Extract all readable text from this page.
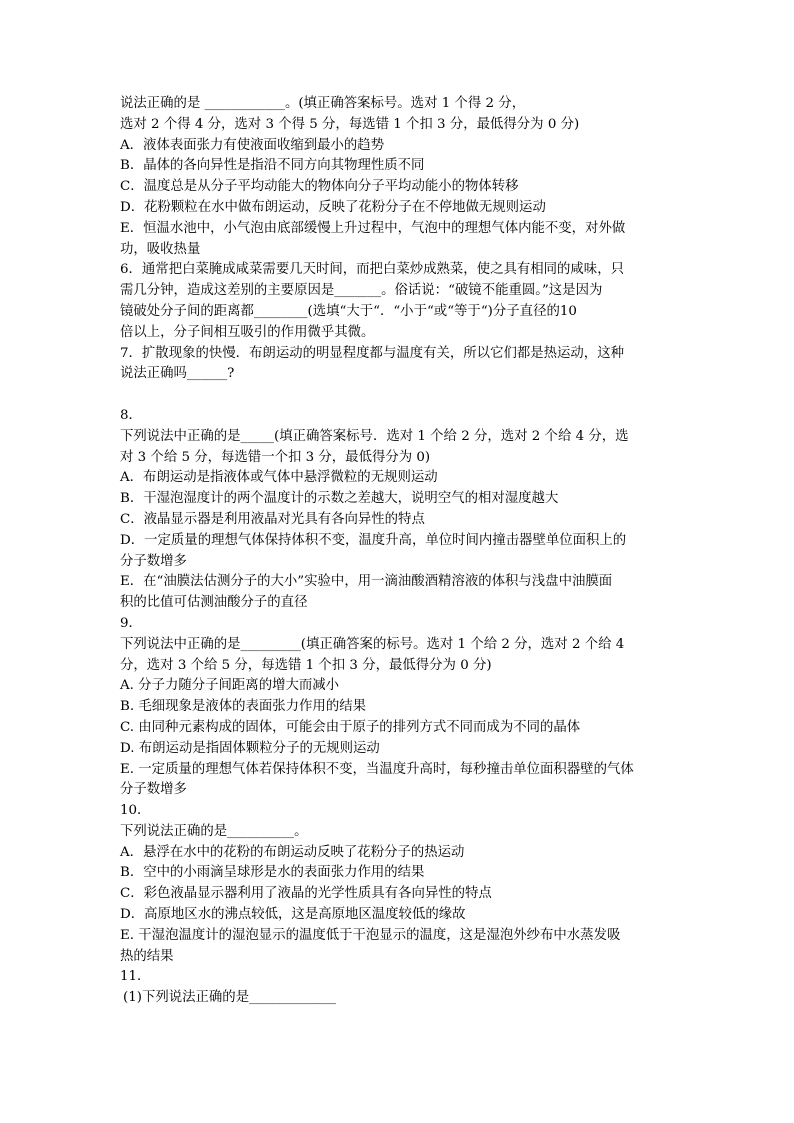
说法正确的是 ____________。(填正确答案标号。选对 1 个得 2 分，
选对 2 个得 4 分，选对 3 个得 5 分，每选错 1 个扣 3 分，最低得分为 0 分)
A．液体表面张力有使液面收缩到最小的趋势
B．晶体的各向异性是指沿不同方向其物理性质不同
C．温度总是从分子平均动能大的物体向分子平均动能小的物体转移
D．花粉颗粒在水中做布朗运动，反映了花粉分子在不停地做无规则运动
E．恒温水池中，小气泡由底部缓慢上升过程中，气泡中的理想气体内能不变，对外做
功，吸收热量
6．通常把白菜腌成咸菜需要几天时间，而把白菜炒成熟菜，使之具有相同的咸味，只
需几分钟，造成这差别的主要原因是_______。俗话说：“破镜不能重圆。”这是因为
镜破处分子间的距离都________(选填“大于“．“小于“或“等于“)分子直径的10
倍以上，分子间相互吸引的作用微乎其微。
7．扩散现象的快慢．布朗运动的明显程度都与温度有关，所以它们都是热运动，这种
说法正确吗______?
8．
下列说法中正确的是_____(填正确答案标号．选对 1 个给 2 分，选对 2 个给 4 分，选
对 3 个给 5 分，每选错一个扣 3 分，最低得分为 0)
A．布朗运动是指液体或气体中悬浮微粒的无规则运动
B．干湿泡湿度计的两个温度计的示数之差越大，说明空气的相对湿度越大
C．液晶显示器是利用液晶对光具有各向异性的特点
D．一定质量的理想气体保持体积不变，温度升高，单位时间内撞击器壁单位面积上的
分子数增多
E．在“油膜法估测分子的大小”实验中，用一滴油酸酒精溶液的体积与浅盘中油膜面
积的比值可估测油酸分子的直径
9．
下列说法中正确的是_________(填正确答案的标号。选对 1 个给 2 分，选对 2 个给 4
分，选对 3 个给 5 分，每选错 1 个扣 3 分，最低得分为 0 分)
A. 分子力随分子间距离的增大而减小
B. 毛细现象是液体的表面张力作用的结果
C. 由同种元素构成的固体，可能会由于原子的排列方式不同而成为不同的晶体
D. 布朗运动是指固体颗粒分子的无规则运动
E. 一定质量的理想气体若保持体积不变，当温度升高时，每秒撞击单位面积器壁的气体
分子数增多
10．
下列说法正确的是__________。
A．悬浮在水中的花粉的布朗运动反映了花粉分子的热运动
B．空中的小雨滴呈球形是水的表面张力作用的结果
C．彩色液晶显示器利用了液晶的光学性质具有各向异性的特点
D．高原地区水的沸点较低，这是高原地区温度较低的缘故
E. 干湿泡温度计的湿泡显示的温度低于干泡显示的温度，这是湿泡外纱布中水蒸发吸
热的结果
11．
(1)下列说法正确的是_____________
